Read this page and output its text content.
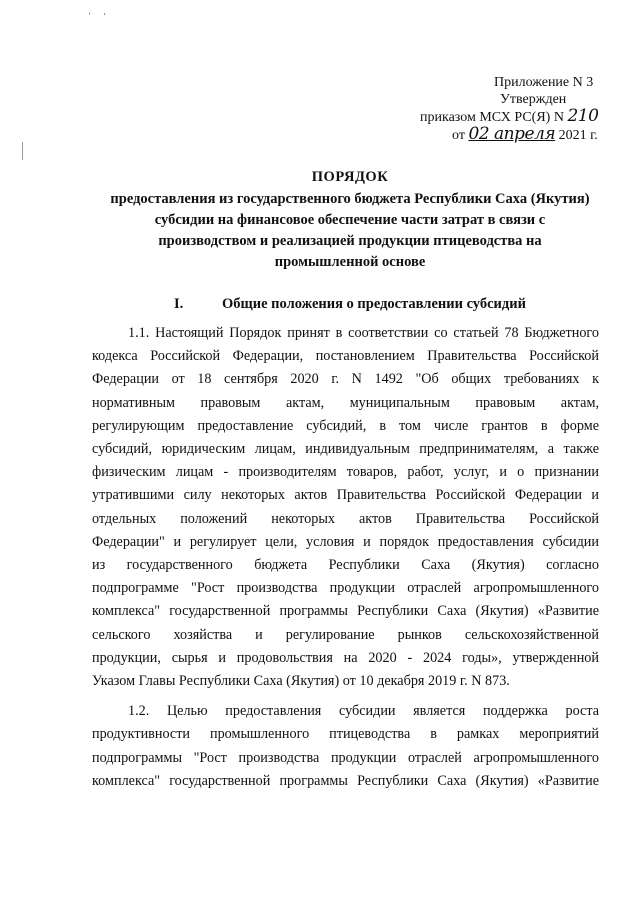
’ ‘
Приложение N 3
Утвержден
приказом МСХ РС(Я) N 210
от 02 апреля 2021 г.
ПОРЯДОК
предоставления из государственного бюджета Республики Саха (Якутия)
субсидии на финансовое обеспечение части затрат в связи с
производством и реализацией продукции птицеводства на
промышленной основе
I.	Общие положения о предоставлении субсидий
1.1. Настоящий Порядок принят в соответствии со статьей 78 Бюджетного
кодекса Российской Федерации, постановлением Правительства Российской
Федерации от 18 сентября 2020 г. N 1492 "Об общих требованиях к
нормативным правовым актам, муниципальным правовым актам,
регулирующим предоставление субсидий, в том числе грантов в форме
субсидий, юридическим лицам, индивидуальным предпринимателям, а также
физическим лицам - производителям товаров, работ, услуг, и о признании
утратившими силу некоторых актов Правительства Российской Федерации и
отдельных положений некоторых актов Правительства Российской
Федерации" и регулирует цели, условия и порядок предоставления субсидии
из государственного бюджета Республики Саха (Якутия) согласно
подпрограмме "Рост производства продукции отраслей агропромышленного
комплекса" государственной программы Республики Саха (Якутия) «Развитие
сельского хозяйства и регулирование рынков сельскохозяйственной
продукции, сырья и продовольствия на 2020 - 2024 годы», утвержденной
Указом Главы Республики Саха (Якутия) от 10 декабря 2019 г. N 873.
1.2. Целью предоставления субсидии является поддержка роста
продуктивности промышленного птицеводства в рамках мероприятий
подпрограммы "Рост производства продукции отраслей агропромышленного
комплекса" государственной программы Республики Саха (Якутия) «Развитие
